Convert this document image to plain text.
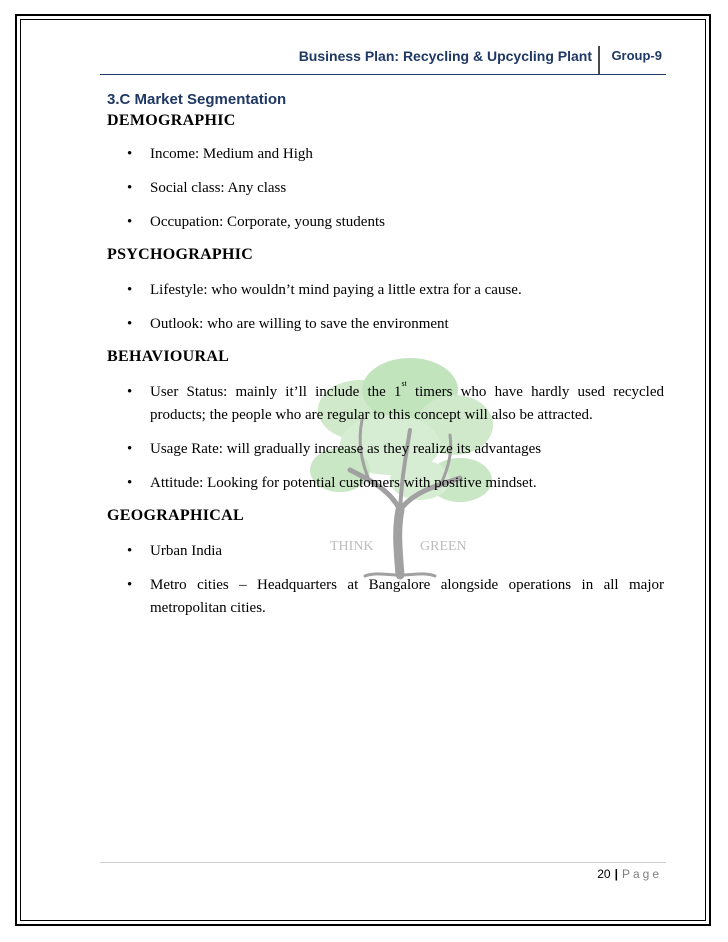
Business Plan: Recycling & Upcycling Plant Group-9
THINK	GREEN

3.C Market Segmentation

DEMOGRAPHIC

• Income: Medium and High
• Social class: Any class
• Occupation: Corporate, young students

PSYCHOGRAPHIC

• Lifestyle: who wouldn’t mind paying a little extra for a cause.
• Outlook: who are willing to save the environment

BEHAVIOURAL

• User Status: mainly it’ll include the 1st timers who have hardly used recycled products; the people who are regular to this concept will also be attracted.
• Usage Rate: will gradually increase as they realize its advantages
• Attitude: Looking for potential customers with positive mindset.

GEOGRAPHICAL

• Urban India
• Metro cities – Headquarters at Bangalore alongside operations in all major metropolitan cities.
20 | Page
